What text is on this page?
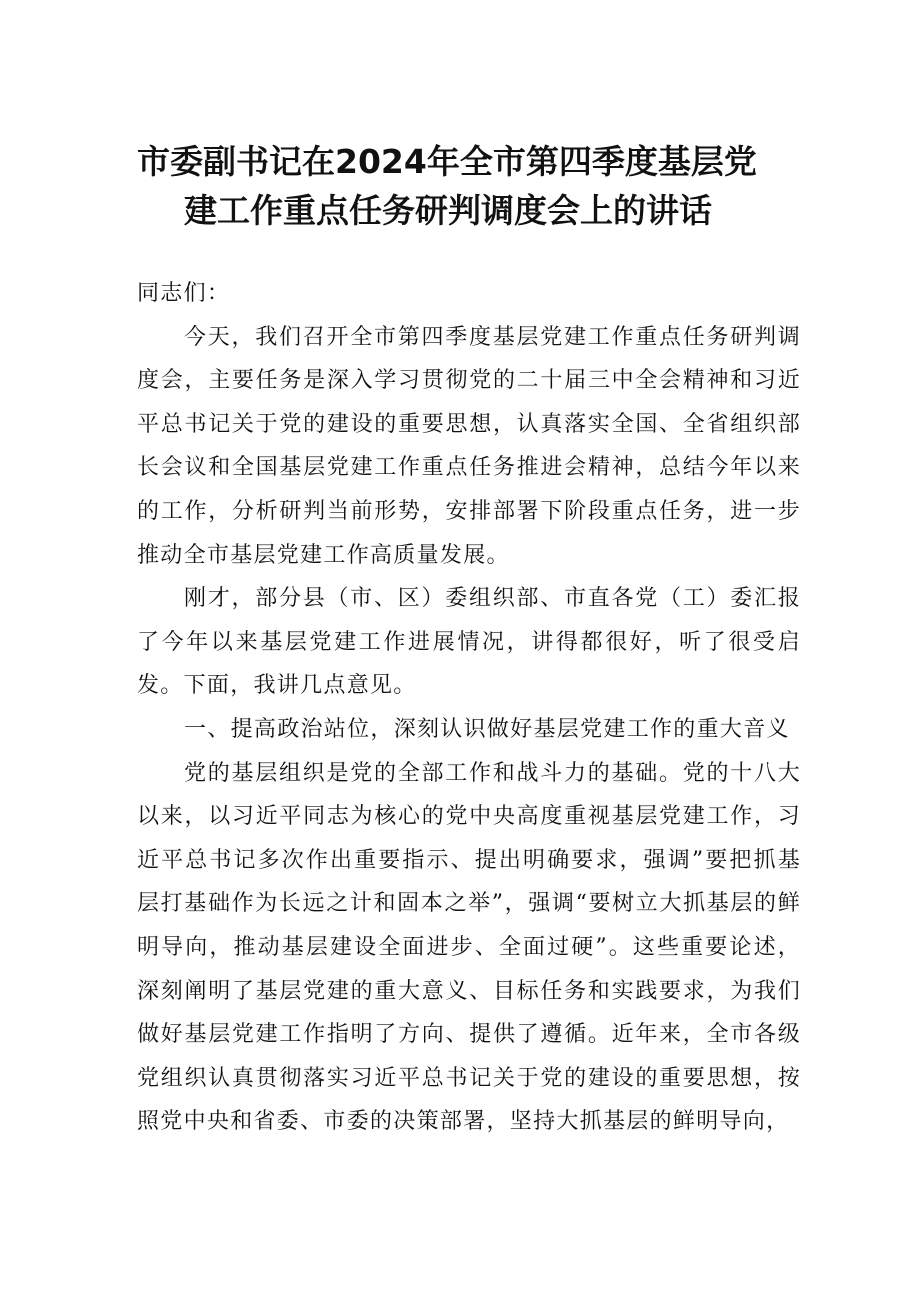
市委副书记在2024年全市第四季度基层党
建工作重点任务研判调度会上的讲话

同志们：

今天，我们召开全市第四季度基层党建工作重点任务研判调度会，主要任务是深入学习贯彻党的二十届三中全会精神和习近平总书记关于党的建设的重要思想，认真落实全国、全省组织部长会议和全国基层党建工作重点任务推进会精神，总结今年以来的工作，分析研判当前形势，安排部署下阶段重点任务，进一步推动全市基层党建工作高质量发展。

刚才，部分县（市、区）委组织部、市直各党（工）委汇报了今年以来基层党建工作进展情况，讲得都很好，听了很受启发。下面，我讲几点意见。

一、提高政治站位，深刻认识做好基层党建工作的重大音义

党的基层组织是党的全部工作和战斗力的基础。党的十八大以来，以习近平同志为核心的党中央高度重视基层党建工作，习近平总书记多次作出重要指示、提出明确要求，强调”要把抓基层打基础作为长远之计和固本之举”，强调“要树立大抓基层的鲜明导向，推动基层建设全面进步、全面过硬”。这些重要论述，深刻阐明了基层党建的重大意义、目标任务和实践要求，为我们做好基层党建工作指明了方向、提供了遵循。近年来，全市各级党组织认真贯彻落实习近平总书记关于党的建设的重要思想，按照党中央和省委、市委的决策部署，坚持大抓基层的鲜明导向，
